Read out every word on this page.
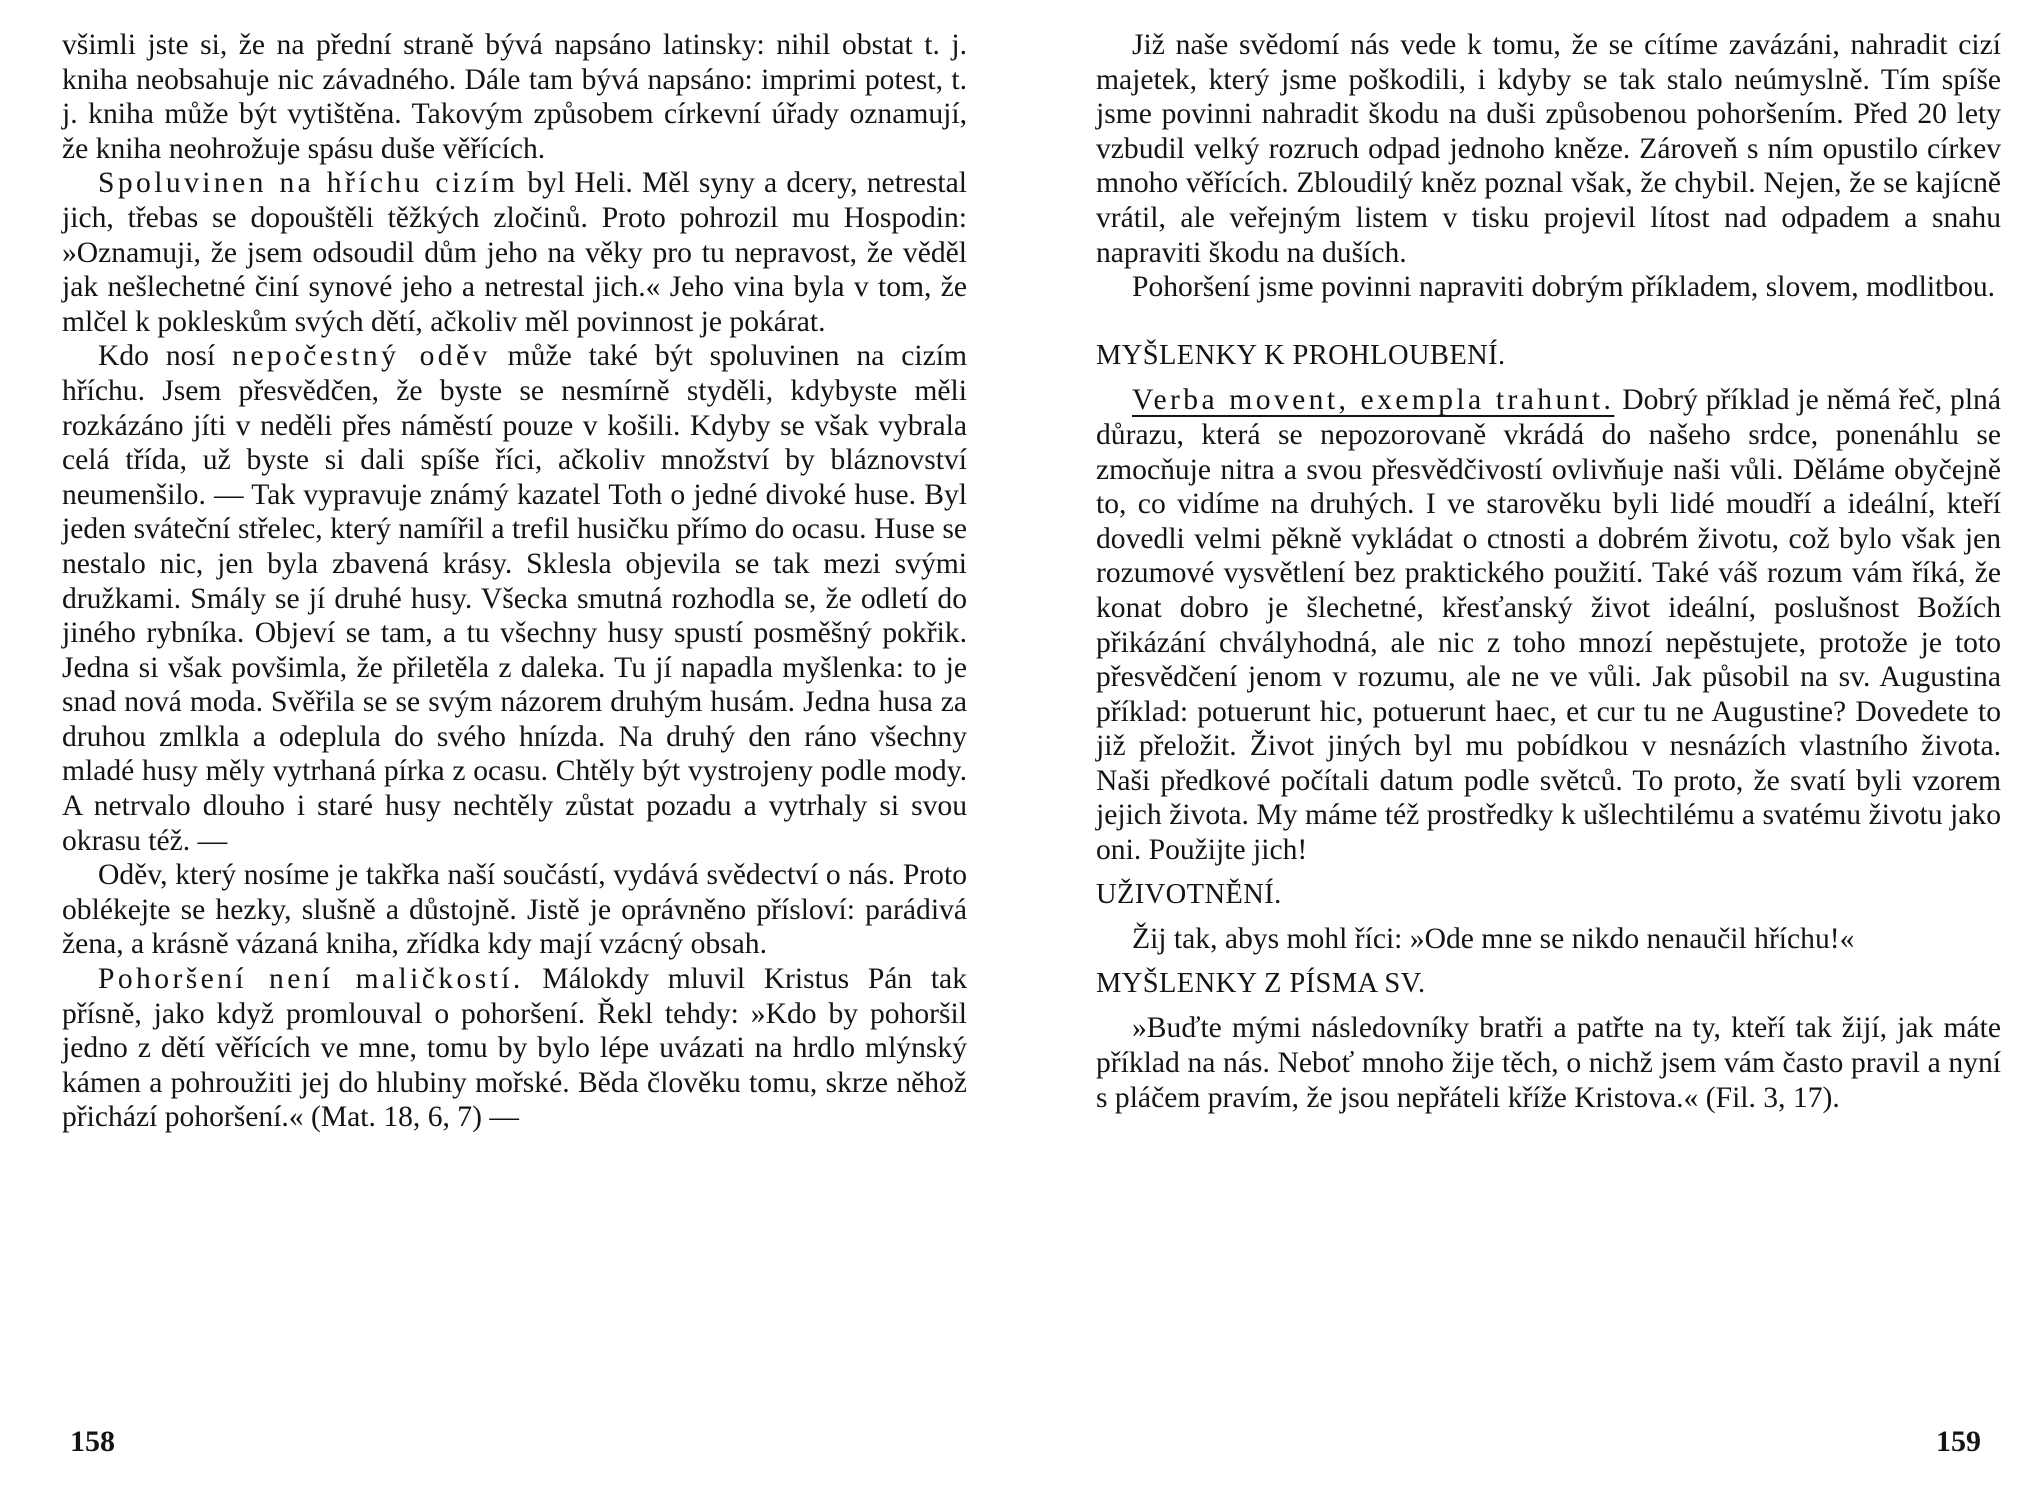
všimli jste si, že na přední straně bývá napsáno latinsky: nihil obstat t. j. kniha neobsahuje nic závadného. Dále tam bývá napsáno: imprimi potest, t. j. kniha může být vytištěna. Takovým způsobem církevní úřady oznamují, že kniha neohrožuje spásu duše věřících.

Spoluvinen na hříchu cizím byl Heli. Měl syny a dcery, netrestal jich, třebas se dopouštěli těžkých zločinů. Proto pohrozil mu Hospodin: »Oznamuji, že jsem odsoudil dům jeho na věky pro tu nepravost, že věděl jak nešlechetné činí synové jeho a netrestal jich.« Jeho vina byla v tom, že mlčel k pokleskům svých dětí, ačkoliv měl povinnost je pokárat.

Kdo nosí nepočestný oděv může také být spoluvinen na cizím hříchu. Jsem přesvědčen, že byste se nesmírně styděli, kdybyste měli rozkázáno jíti v neděli přes náměstí pouze v košili. Kdyby se však vybrala celá třída, už byste si dali spíše říci, ačkoliv množství by bláznovství neumenšilo. — Tak vypravuje známý kazatel Toth o jedné divoké huse. Byl jeden sváteční střelec, který namířil a trefil husičku přímo do ocasu. Huse se nestalo nic, jen byla zbavená krásy. Sklesla objevila se tak mezi svými družkami. Smály se jí druhé husy. Všecka smutná rozhodla se, že odletí do jiného rybníka. Objeví se tam, a tu všechny husy spustí posměšný pokřik. Jedna si však povšimla, že přiletěla z daleka. Tu jí napadla myšlenka: to je snad nová moda. Svěřila se se svým názorem druhým husám. Jedna husa za druhou zmlkla a odeplula do svého hnízda. Na druhý den ráno všechny mladé husy měly vytrhaná pírka z ocasu. Chtěly být vystrojeny podle mody. A netrvalo dlouho i staré husy nechtěly zůstat pozadu a vytrhaly si svou okrasu též. —

Oděv, který nosíme je takřka naší součástí, vydává svědectví o nás. Proto oblékejte se hezky, slušně a důstojně. Jistě je oprávněno přísloví: parádivá žena, a krásně vázaná kniha, zřídka kdy mají vzácný obsah.

Pohoršení není maličkostí. Málokdy mluvil Kristus Pán tak přísně, jako když promlouval o pohoršení. Řekl tehdy: »Kdo by pohoršil jedno z dětí věřících ve mne, tomu by bylo lépe uvázati na hrdlo mlýnský kámen a pohroužiti jej do hlubiny mořské. Běda člověku tomu, skrze něhož přichází pohoršení.« (Mat. 18, 6, 7) —

158

Již naše svědomí nás vede k tomu, že se cítíme zavázáni, nahradit cizí majetek, který jsme poškodili, i kdyby se tak stalo neúmyslně. Tím spíše jsme povinni nahradit škodu na duši způsobenou pohoršením. Před 20 lety vzbudil velký rozruch odpad jednoho kněze. Zároveň s ním opustilo církev mnoho věřících. Zbloudilý kněz poznal však, že chybil. Nejen, že se kajícně vrátil, ale veřejným listem v tisku projevil lítost nad odpadem a snahu napraviti škodu na duších.

Pohoršení jsme povinni napraviti dobrým příkladem, slovem, modlitbou.

MYŠLENKY K PROHLOUBENÍ.

Verba movent, exempla trahunt. Dobrý příklad je němá řeč, plná důrazu, která se nepozorovaně vkrádá do našeho srdce, ponenáhlu se zmocňuje nitra a svou přesvědčivostí ovlivňuje naši vůli. Děláme obyčejně to, co vidíme na druhých. I ve starověku byli lidé moudří a ideální, kteří dovedli velmi pěkně vykládat o ctnosti a dobrém životu, což bylo však jen rozumové vysvětlení bez praktického použití. Také váš rozum vám říká, že konat dobro je šlechetné, křesťanský život ideální, poslušnost Božích přikázání chvályhodná, ale nic z toho mnozí nepěstujete, protože je toto přesvědčení jenom v rozumu, ale ne ve vůli. Jak působil na sv. Augustina příklad: potuerunt hic, potuerunt haec, et cur tu ne Augustine? Dovedete to již přeložit. Život jiných byl mu pobídkou v nesnázích vlastního života. Naši předkové počítali datum podle světců. To proto, že svatí byli vzorem jejich života. My máme též prostředky k ušlechtilému a svatému životu jako oni. Použijte jich!

UŽIVOTNĚNÍ.

Žij tak, abys mohl říci: »Ode mne se nikdo nenaučil hříchu!«

MYŠLENKY Z PÍSMA SV.

»Buďte mými následovníky bratři a patřte na ty, kteří tak žijí, jak máte příklad na nás. Neboť mnoho žije těch, o nichž jsem vám často pravil a nyní s pláčem pravím, že jsou nepřáteli kříže Kristova.« (Fil. 3, 17).

159
